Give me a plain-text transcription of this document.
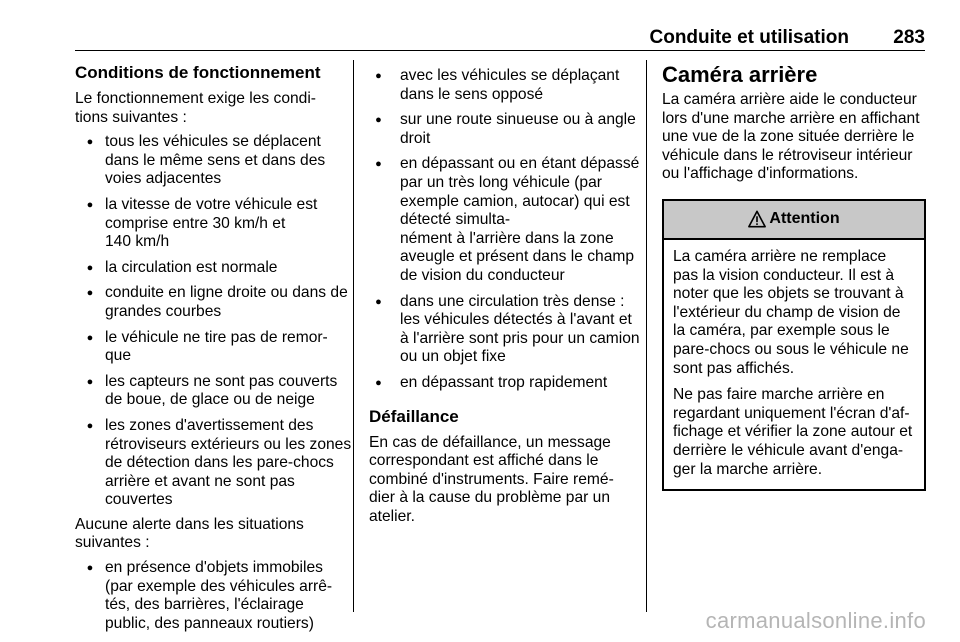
Conduite et utilisation 283
Conditions de fonctionnement

Le fonctionnement exige les condi-
tions suivantes :

● tous les véhicules se déplacent dans le même sens et dans des voies adjacentes
● la vitesse de votre véhicule est comprise entre 30 km/h et
140 km/h
● la circulation est normale
● conduite en ligne droite ou dans de grandes courbes
● le véhicule ne tire pas de remor-
que
● les capteurs ne sont pas couverts de boue, de glace ou de neige
● les zones d'avertissement des rétroviseurs extérieurs ou les zones de détection dans les pare-chocs arrière et avant ne sont pas couvertes

Aucune alerte dans les situations suivantes :

● en présence d'objets immobiles (par exemple des véhicules arrê-
tés, des barrières, l'éclairage public, des panneaux routiers)
●	avec les véhicules se déplaçant dans le sens opposé
●	sur une route sinueuse ou à angle droit
●	en dépassant ou en étant dépassé par un très long véhicule (par exemple camion, autocar) qui est détecté simulta-
nément à l'arrière dans la zone aveugle et présent dans le champ de vision du conducteur
●	dans une circulation très dense : les véhicules détectés à l'avant et à l'arrière sont pris pour un camion ou un objet fixe
●	en dépassant trop rapidement
Défaillance

En cas de défaillance, un message correspondant est affiché dans le combiné d'instruments. Faire remé-
dier à la cause du problème par un atelier.

Caméra arrière

La caméra arrière aide le conducteur lors d'une marche arrière en affichant une vue de la zone située derrière le véhicule dans le rétroviseur intérieur ou l'affichage d'informations.

Attention

La caméra arrière ne remplace pas la vision conducteur. Il est à noter que les objets se trouvant à l'extérieur du champ de vision de la caméra, par exemple sous le pare-chocs ou sous le véhicule ne sont pas affichés.

Ne pas faire marche arrière en regardant uniquement l'écran d'af-
fichage et vérifier la zone autour et derrière le véhicule avant d'enga-
ger la marche arrière.

carmanualsonline.info
